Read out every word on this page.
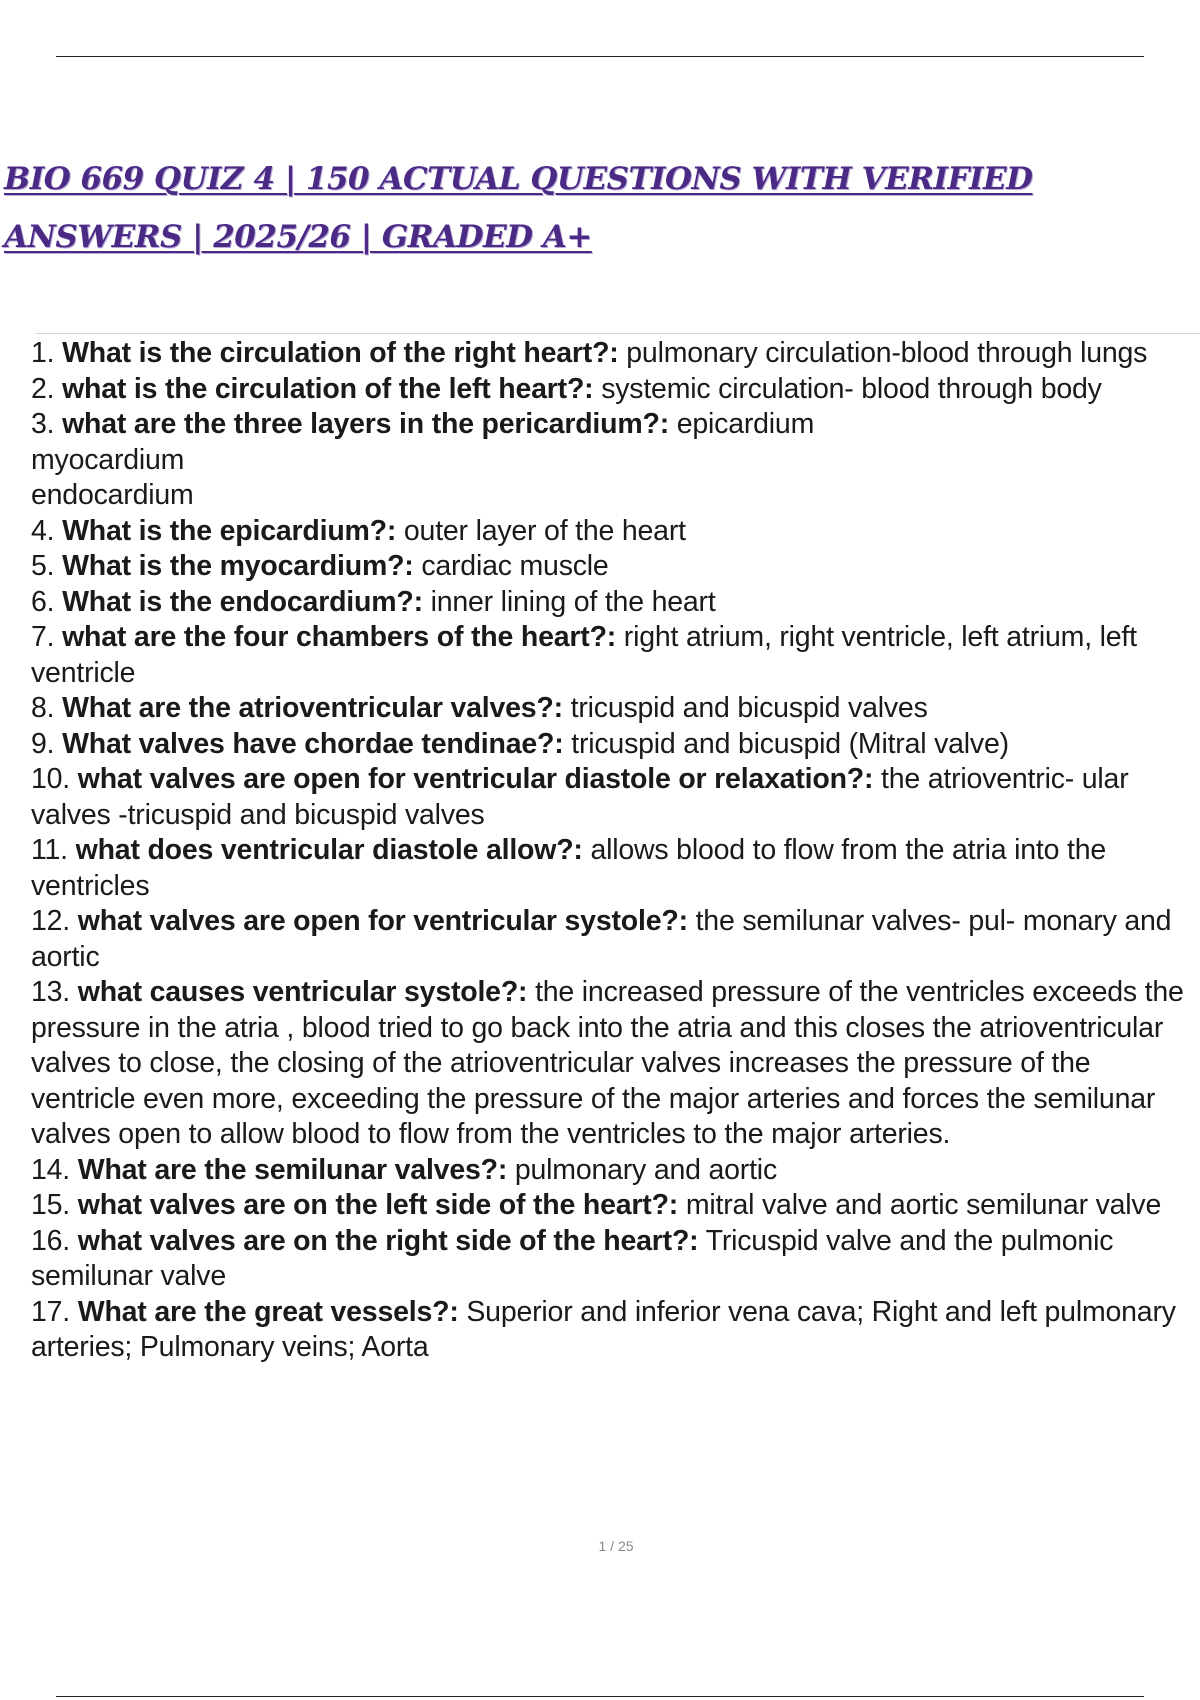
BIO 669 QUIZ 4 | 150 ACTUAL QUESTIONS WITH VERIFIED ANSWERS | 2025/26 | GRADED A+

1. What is the circulation of the right heart?: pulmonary circulation-blood through lungs

2. what is the circulation of the left heart?: systemic circulation- blood through body

3. what are the three layers in the pericardium?: epicardium
myocardium
endocardium

4. What is the epicardium?: outer layer of the heart

5. What is the myocardium?: cardiac muscle

6. What is the endocardium?: inner lining of the heart

7. what are the four chambers of the heart?: right atrium, right ventricle, left atrium, left ventricle

8. What are the atrioventricular valves?: tricuspid and bicuspid valves

9. What valves have chordae tendinae?: tricuspid and bicuspid (Mitral valve)

10. what valves are open for ventricular diastole or relaxation?: the atrioventric- ular valves -tricuspid and bicuspid valves

11. what does ventricular diastole allow?: allows blood to flow from the atria into the ventricles

12. what valves are open for ventricular systole?: the semilunar valves- pul- monary and aortic

13. what causes ventricular systole?: the increased pressure of the ventricles exceeds the pressure in the atria , blood tried to go back into the atria and this closes the atrioventricular valves to close, the closing of the atrioventricular valves increases the pressure of the ventricle even more, exceeding the pressure of the major arteries and forces the semilunar valves open to allow blood to flow from the ventricles to the major arteries.

14. What are the semilunar valves?: pulmonary and aortic

15. what valves are on the left side of the heart?: mitral valve and aortic semilunar valve

16. what valves are on the right side of the heart?: Tricuspid valve and the pulmonic semilunar valve

17. What are the great vessels?: Superior and inferior vena cava; Right and left pulmonary arteries; Pulmonary veins; Aorta

1 / 25
